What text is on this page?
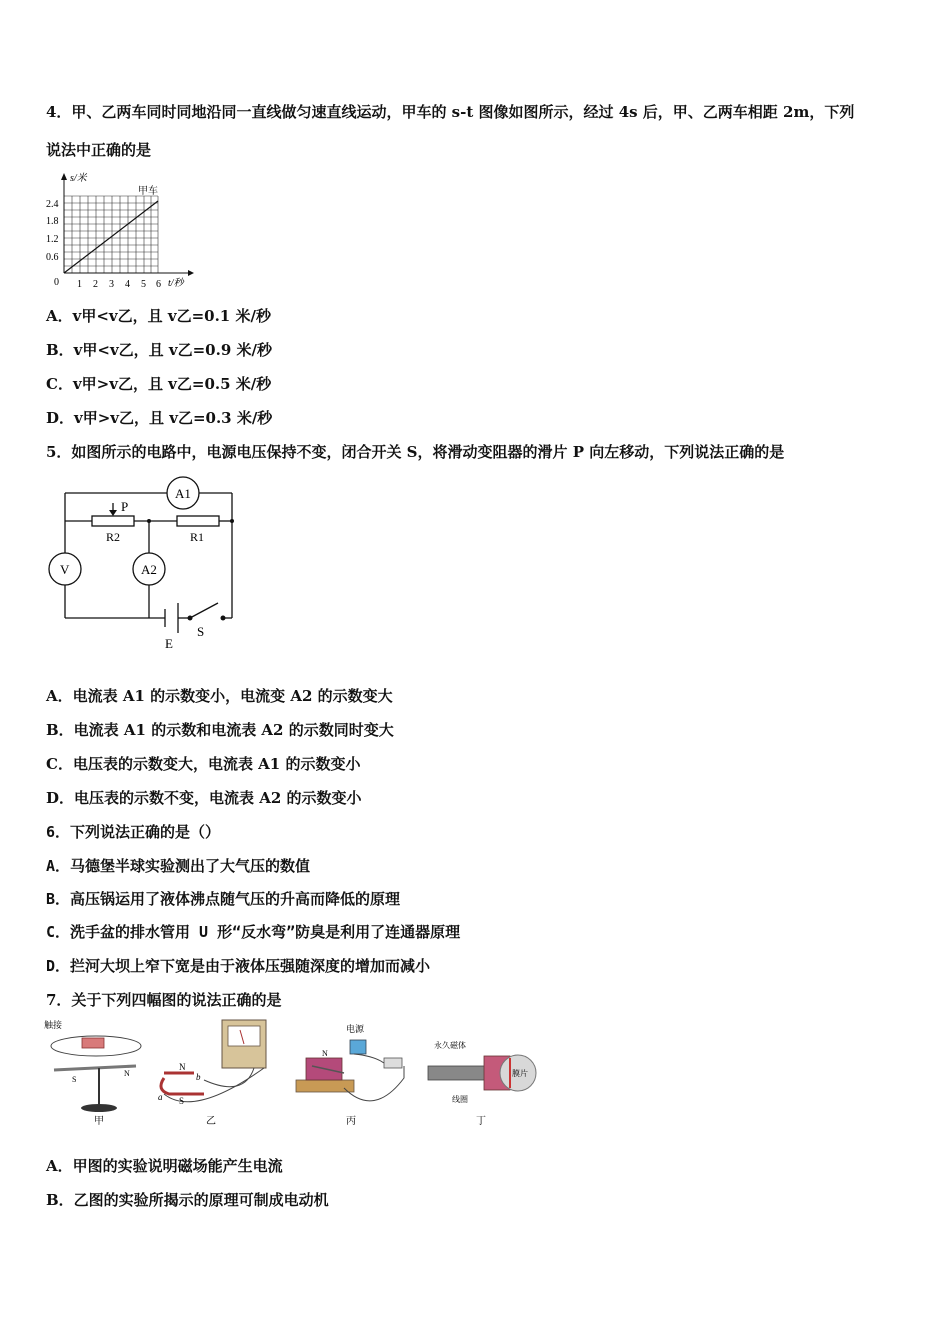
4．甲、乙两车同时同地沿同一直线做匀速直线运动，甲车的 s-t 图像如图所示，经过 4s 后，甲、乙两车相距 2m，下列
说法中正确的是
s/米
甲车
t/秒
0
2.4
1.8
1.2
0.6
1 2 3 4 5 6
A．v甲<v乙，且 v乙=0.1 米/秒
B．v甲<v乙，且 v乙=0.9 米/秒
C．v甲>v乙，且 v乙=0.5 米/秒
D．v甲>v乙，且 v乙=0.3 米/秒
5．如图所示的电路中，电源电压保持不变，闭合开关 S，将滑动变阻器的滑片 P 向左移动，下列说法正确的是
A1
A2
V
P
R2	R1
E
S
A．电流表 A1 的示数变小，电流变 A2 的示数变大
B．电流表 A1 的示数和电流表 A2 的示数同时变大
C．电压表的示数变大，电流表 A1 的示数变小
D．电压表的示数不变，电流表 A2 的示数变小
6．下列说法正确的是（）
A．马德堡半球实验测出了大气压的数值
B．高压锅运用了液体沸点随气压的升高而降低的原理
C．洗手盆的排水管用 U 形“反水弯”防臭是利用了连通器原理
D．拦河大坝上窄下宽是由于液体压强随深度的增加而减小
7．关于下列四幅图的说法正确的是
触接
S
N
甲
N
S
a
b
乙
电源
N
丙
永久磁体
线圈
膜片
丁
A．甲图的实验说明磁场能产生电流
B．乙图的实验所揭示的原理可制成电动机
